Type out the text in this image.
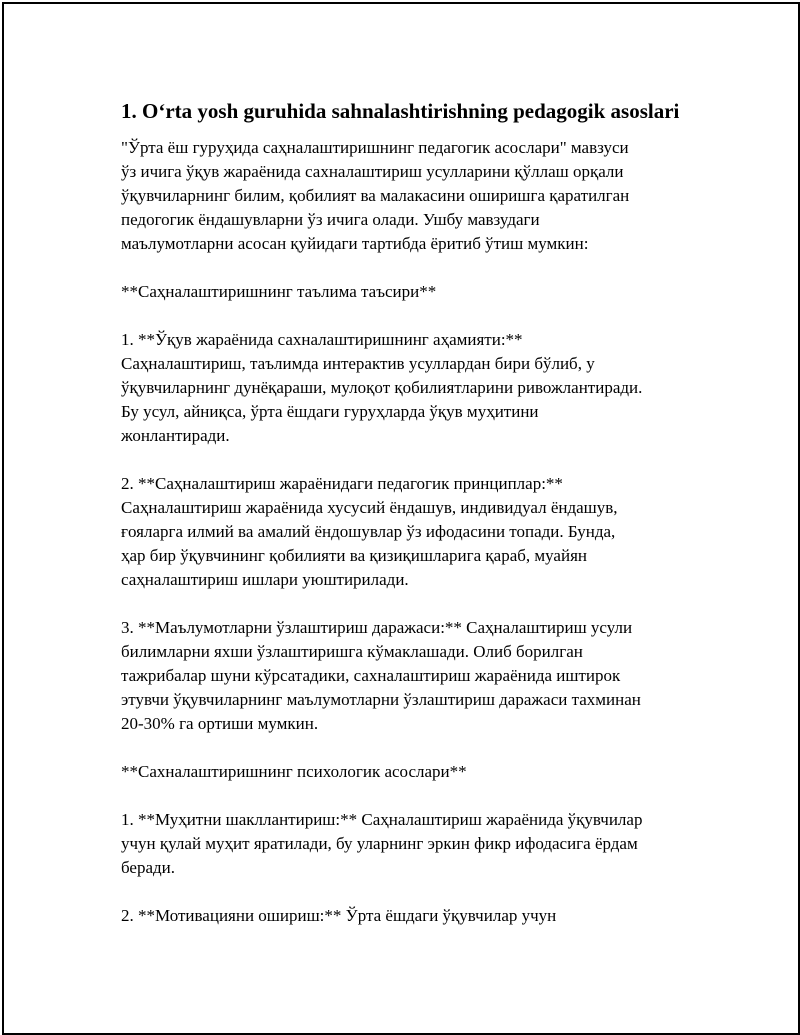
1. Oʻrta yosh guruhida sahnalashtirishning pedagogik asoslari

"Ўрта ёш гуруҳида саҳналаштиришнинг педагогик асослари" мавзуси
ўз ичига ўқув жараёнида сахналаштириш усулларини қўллаш орқали
ўқувчиларнинг билим, қобилият ва малакасини оширишга қаратилган
педогогик ёндашувларни ўз ичига олади. Ушбу мавзудаги
маълумотларни асосан қуйидаги тартибда ёритиб ўтиш мумкин:

**Саҳналаштиришнинг таълима таъсири**

1. **Ўқув жараёнида сахналаштиришнинг аҳамияти:**
Саҳналаштириш, таълимда интерактив усуллардан бири бўлиб, у
ўқувчиларнинг дунёқараши, мулоқот қобилиятларини ривожлантиради.
Бу усул, айниқса, ўрта ёшдаги гуруҳларда ўқув муҳитини
жонлантиради.

2. **Саҳналаштириш жараёнидаги педагогик принциплар:**
Саҳналаштириш жараёнида хусусий ёндашув, индивидуал ёндашув,
ғояларга илмий ва амалий ёндошувлар ўз ифодасини топади. Бунда,
ҳар бир ўқувчининг қобилияти ва қизиқишларига қараб, муайян
саҳналаштириш ишлари уюштирилади.

3. **Маълумотларни ўзлаштириш даражаси:** Саҳналаштириш усули
билимларни яхши ўзлаштиришга кўмаклашади. Олиб борилган
тажрибалар шуни кўрсатадики, сахналаштириш жараёнида иштирок
этувчи ўқувчиларнинг маълумотларни ўзлаштириш даражаси тахминан
20-30% га ортиши мумкин.

**Сахналаштиришнинг психологик асослари**

1. **Муҳитни шакллантириш:** Саҳналаштириш жараёнида ўқувчилар
учун қулай муҳит яратилади, бу уларнинг эркин фикр ифодасига ёрдам
беради.

2. **Мотивацияни ошириш:** Ўрта ёшдаги ўқувчилар учун
